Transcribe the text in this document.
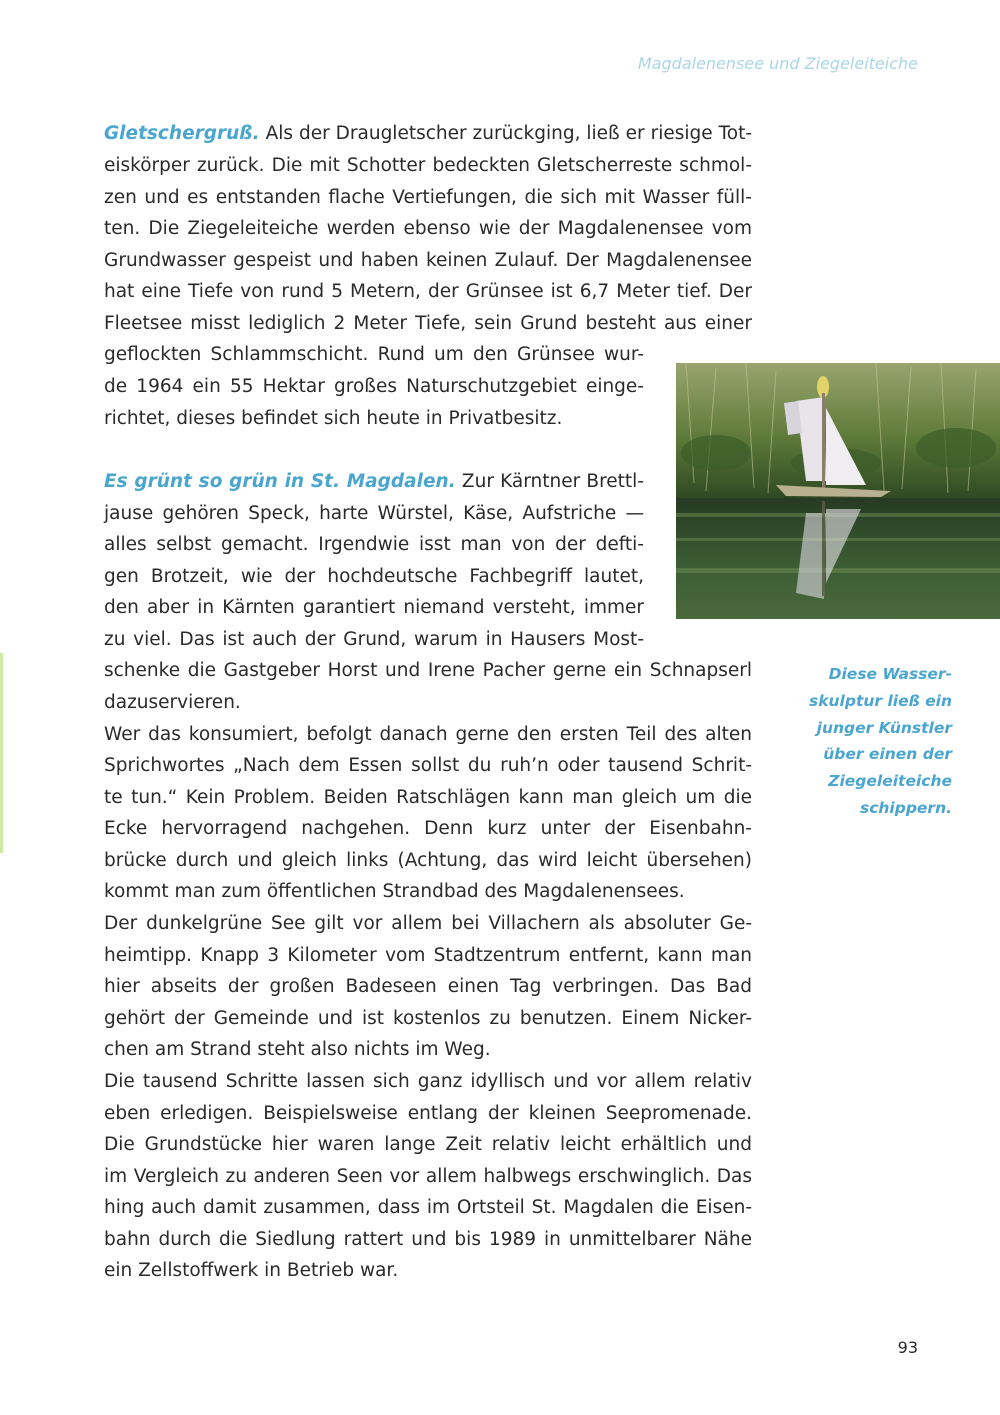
Magdalenensee und Ziegeleiteiche
Gletschergruß. Als der Draugletscher zurückging, ließ er riesige Tot-
eiskörper zurück. Die mit Schotter bedeckten Gletscherreste schmol-
zen und es entstanden flache Vertiefungen, die sich mit Wasser füll-
ten. Die Ziegeleiteiche werden ebenso wie der Magdalenensee vom
Grundwasser gespeist und haben keinen Zulauf. Der Magdalenensee
hat eine Tiefe von rund 5 Metern, der Grünsee ist 6,7 Meter tief. Der
Fleetsee misst lediglich 2 Meter Tiefe, sein Grund besteht aus einer
geflockten Schlammschicht. Rund um den Grünsee wur-
de 1964 ein 55 Hektar großes Naturschutzgebiet einge-
richtet, dieses befindet sich heute in Privatbesitz.
Es grünt so grün in St. Magdalen. Zur Kärntner Brettl-
jause gehören Speck, harte Würstel, Käse, Aufstriche —
alles selbst gemacht. Irgendwie isst man von der defti-
gen Brotzeit, wie der hochdeutsche Fachbegriff lautet,
den aber in Kärnten garantiert niemand versteht, immer
zu viel. Das ist auch der Grund, warum in Hausers Most-
schenke die Gastgeber Horst und Irene Pacher gerne ein Schnapserl
dazuservieren.
Wer das konsumiert, befolgt danach gerne den ersten Teil des alten
Sprichwortes „Nach dem Essen sollst du ruh’n oder tausend Schrit-
te tun.“ Kein Problem. Beiden Ratschlägen kann man gleich um die
Ecke hervorragend nachgehen. Denn kurz unter der Eisenbahn-
brücke durch und gleich links (Achtung, das wird leicht übersehen)
kommt man zum öffentlichen Strandbad des Magdalenensees.
Der dunkelgrüne See gilt vor allem bei Villachern als absoluter Ge-
heimtipp. Knapp 3 Kilometer vom Stadtzentrum entfernt, kann man
hier abseits der großen Badeseen einen Tag verbringen. Das Bad
gehört der Gemeinde und ist kostenlos zu benutzen. Einem Nicker-
chen am Strand steht also nichts im Weg.
Die tausend Schritte lassen sich ganz idyllisch und vor allem relativ
eben erledigen. Beispielsweise entlang der kleinen Seepromenade.
Die Grundstücke hier waren lange Zeit relativ leicht erhältlich und
im Vergleich zu anderen Seen vor allem halbwegs erschwinglich. Das
hing auch damit zusammen, dass im Ortsteil St. Magdalen die Eisen-
bahn durch die Siedlung rattert und bis 1989 in unmittelbarer Nähe
ein Zellstoffwerk in Betrieb war.
Diese Wasser-
skulptur ließ ein
junger Künstler
über einen der
Ziegeleiteiche
schippern.
93
